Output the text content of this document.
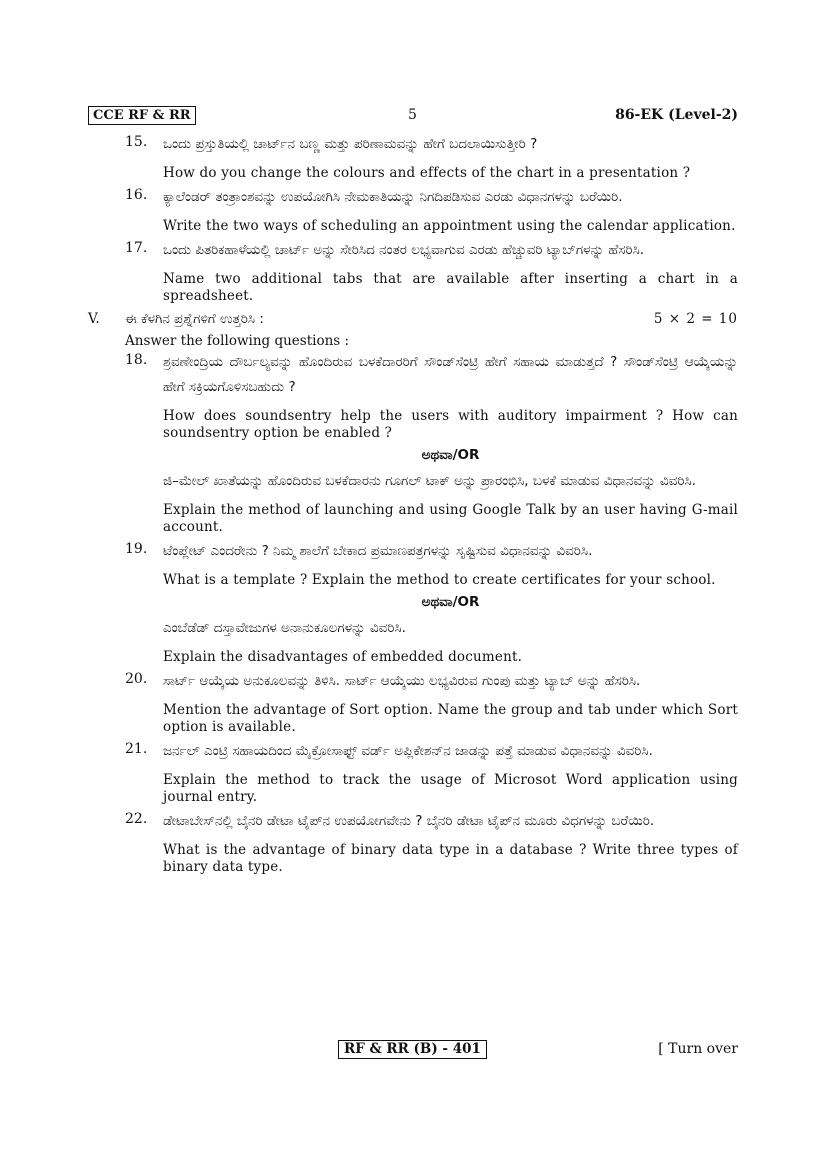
CCE RF & RR	5	86-EK (Level-2)
15. ಒಂದು ಪ್ರಸ್ತುತಿಯಲ್ಲಿ ಚಾರ್ಟ್‌ನ ಬಣ್ಣ ಮತ್ತು ಪರಿಣಾಮವನ್ನು ಹೇಗೆ ಬದಲಾಯಿಸುತ್ತೀರಿ ?

How do you change the colours and effects of the chart in a presentation ?

16. ಕ್ಯಾಲೆಂಡರ್ ತಂತ್ರಾಂಶವನ್ನು ಉಪಯೋಗಿಸಿ ನೇಮಕಾತಿಯನ್ನು ನಿಗದಿಪಡಿಸುವ ಎರಡು ವಿಧಾನಗಳನ್ನು ಬರೆಯಿರಿ.

Write the two ways of scheduling an appointment using the calendar application.

17. ಒಂದು ಪಿತರಿಕಹಾಳೆಯಲ್ಲಿ ಚಾರ್ಟ್ ಅನ್ನು ಸೇರಿಸಿದ ನಂತರ ಲಭ್ಯವಾಗುವ ಎರಡು ಹೆಚ್ಚುವರಿ ಟ್ಯಾಬ್‌ಗಳನ್ನು ಹೆಸರಿಸಿ.

Name two additional tabs that are available after inserting a chart in a spreadsheet.

V. ಈ ಕೆಳಗಿನ ಪ್ರಶ್ನೆಗಳಿಗೆ ಉತ್ತರಿಸಿ :	5 × 2 = 10
Answer the following questions :
18. ಶ್ರವಣೇಂದ್ರಿಯ ದೌರ್ಬಲ್ಯವನ್ನು ಹೊಂದಿರುವ ಬಳಕೆದಾರರಿಗೆ ಸೌಂಡ್‌ಸೆಂಟ್ರಿ ಹೇಗೆ ಸಹಾಯ ಮಾಡುತ್ತದೆ ? ಸೌಂಡ್‌ಸೆಂಟ್ರಿ ಆಯ್ಕೆಯನ್ನು ಹೇಗೆ ಸಕ್ರಿಯಗೊಳಿಸಬಹುದು ?

How does soundsentry help the users with auditory impairment ? How can soundsentry option be enabled ?

ಅಥವಾ/OR

ಜಿ–ಮೇಲ್ ಖಾತೆಯನ್ನು ಹೊಂದಿರುವ ಬಳಕೆದಾರನು ಗೂಗಲ್ ಟಾಕ್ ಅನ್ನು ಪ್ರಾರಂಭಿಸಿ, ಬಳಕೆ ಮಾಡುವ ವಿಧಾನವನ್ನು ವಿವರಿಸಿ.

Explain the method of launching and using Google Talk by an user having G-mail account.

19. ಟೆಂಪ್ಲೇಟ್ ಎಂದರೇನು ? ನಿಮ್ಮ ಶಾಲೆಗೆ ಬೇಕಾದ ಪ್ರಮಾಣಪತ್ರಗಳನ್ನು ಸೃಷ್ಟಿಸುವ ವಿಧಾನವನ್ನು ವಿವರಿಸಿ.

What is a template ? Explain the method to create certificates for your school.

ಅಥವಾ/OR

ಎಂಬೆಡೆಡ್ ದಸ್ತಾವೇಜುಗಳ ಅನಾನುಕೂಲಗಳನ್ನು ವಿವರಿಸಿ.

Explain the disadvantages of embedded document.

20. ಸಾರ್ಟ್ ಆಯ್ಕೆಯ ಅನುಕೂಲವನ್ನು ತಿಳಿಸಿ. ಸಾರ್ಟ್ ಆಯ್ಕೆಯು ಲಭ್ಯವಿರುವ ಗುಂಪು ಮತ್ತು ಟ್ಯಾಬ್ ಅನ್ನು ಹೆಸರಿಸಿ.

Mention the advantage of Sort option. Name the group and tab under which Sort option is available.

21. ಜರ್ನಲ್ ಎಂಟ್ರಿ ಸಹಾಯದಿಂದ ಮೈಕ್ರೋಸಾಫ್ಟ್ ವರ್ಡ್ ಅಪ್ಲಿಕೇಶನ್‌ನ ಜಾಡನ್ನು ಪತ್ತೆ ಮಾಡುವ ವಿಧಾನವನ್ನು ವಿವರಿಸಿ.

Explain the method to track the usage of Microsot Word application using journal entry.

22. ಡೇಟಾಬೇಸ್‌ನಲ್ಲಿ ಬೈನರಿ ಡೇಟಾ ಟೈಪ್‌ನ ಉಪಯೋಗವೇನು ? ಬೈನರಿ ಡೇಟಾ ಟೈಪ್‌ನ ಮೂರು ವಿಧಗಳನ್ನು ಬರೆಯಿರಿ.

What is the advantage of binary data type in a database ? Write three types of binary data type.

RF & RR (B) - 401	[ Turn over
